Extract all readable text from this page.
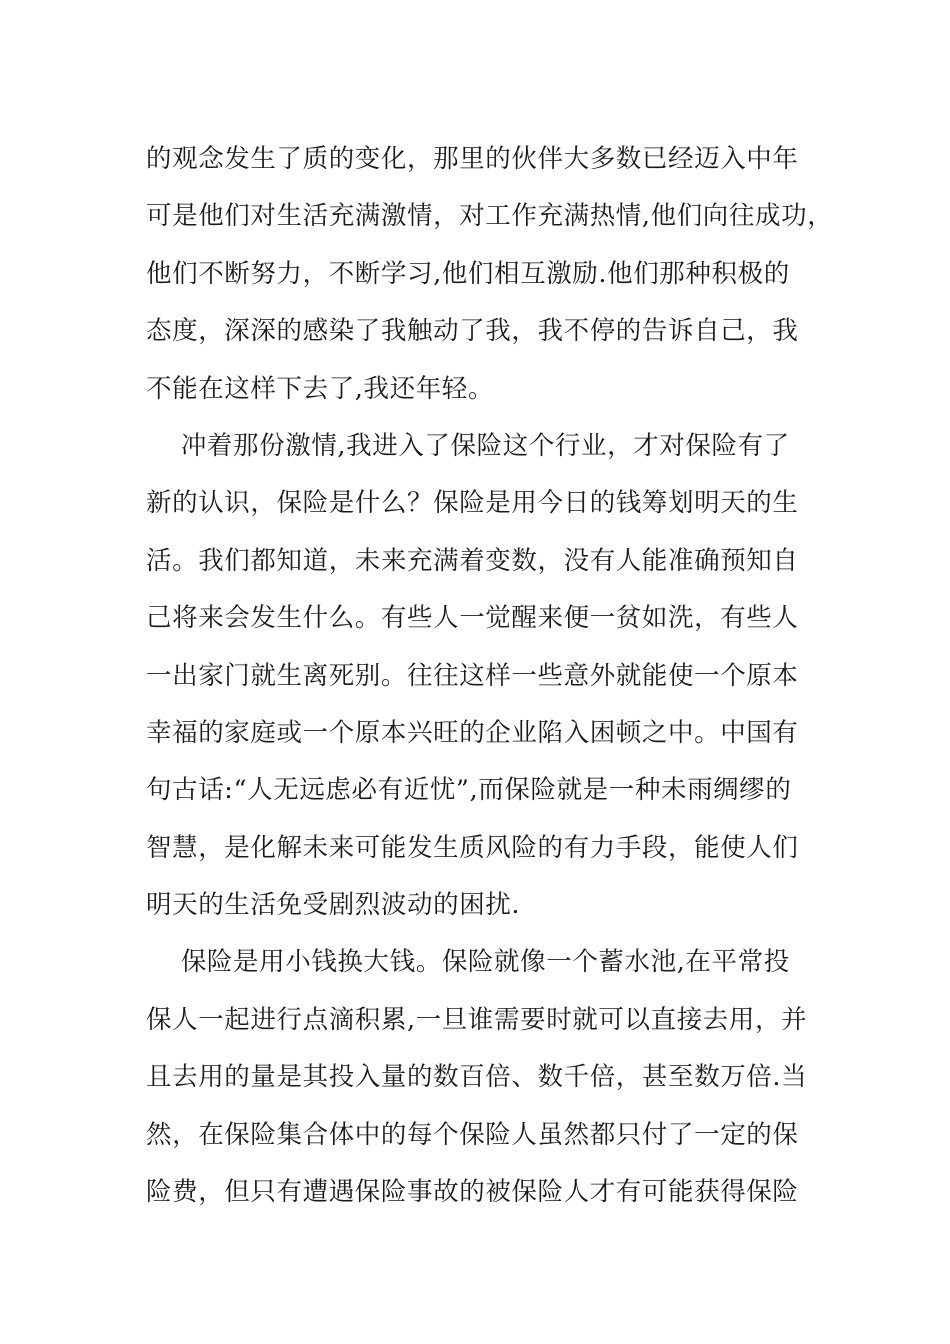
的观念发生了质的变化，那里的伙伴大多数已经迈入中年
可是他们对生活充满激情，对工作充满热情,他们向往成功，
他们不断努力，不断学习,他们相互激励.他们那种积极的
态度，深深的感染了我触动了我，我不停的告诉自己，我
不能在这样下去了,我还年轻。
冲着那份激情,我进入了保险这个行业，才对保险有了
新的认识，保险是什么？保险是用今日的钱筹划明天的生
活。我们都知道，未来充满着变数，没有人能准确预知自
己将来会发生什么。有些人一觉醒来便一贫如洗，有些人
一出家门就生离死别。往往这样一些意外就能使一个原本
幸福的家庭或一个原本兴旺的企业陷入困顿之中。中国有
句古话:“人无远虑必有近忧”,而保险就是一种未雨绸缪的
智慧，是化解未来可能发生质风险的有力手段，能使人们
明天的生活免受剧烈波动的困扰.
保险是用小钱换大钱。保险就像一个蓄水池,在平常投
保人一起进行点滴积累,一旦谁需要时就可以直接去用，并
且去用的量是其投入量的数百倍、数千倍，甚至数万倍.当
然，在保险集合体中的每个保险人虽然都只付了一定的保
险费，但只有遭遇保险事故的被保险人才有可能获得保险
